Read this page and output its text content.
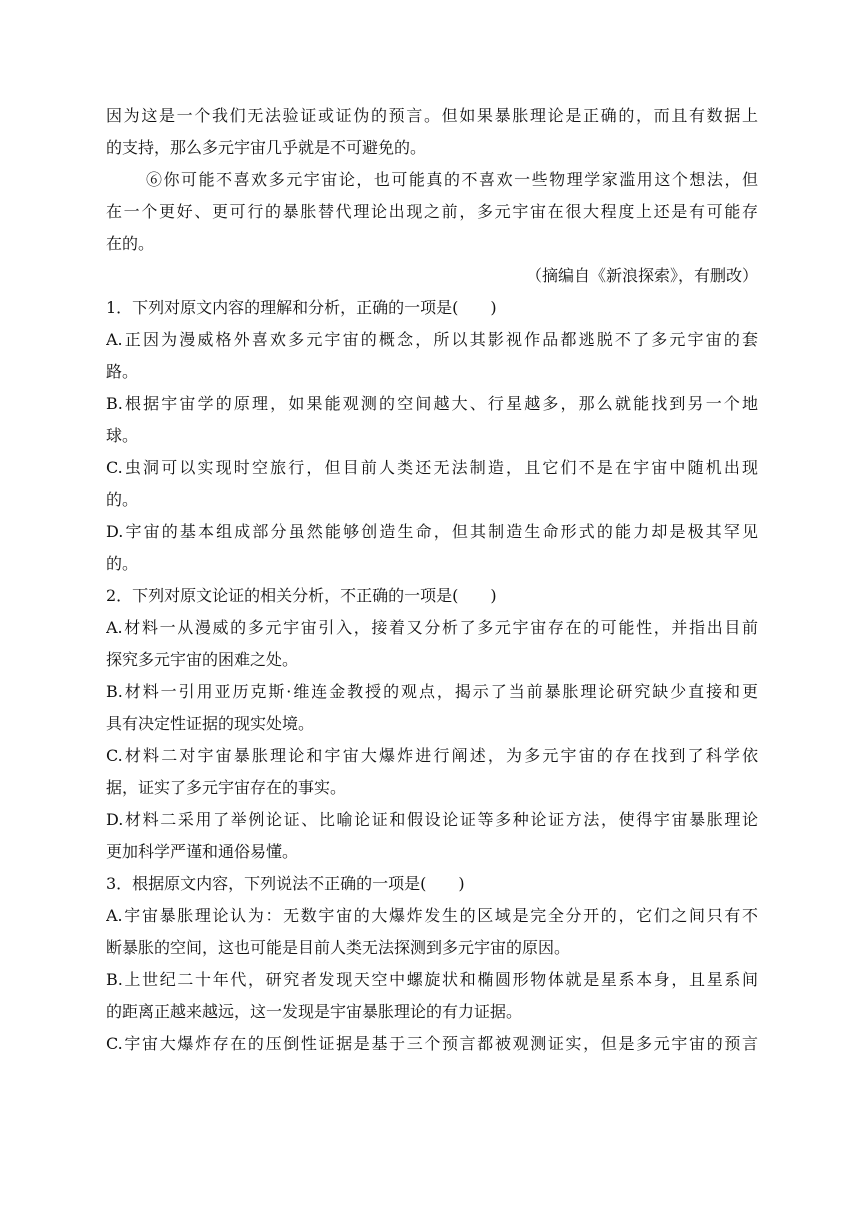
因为这是一个我们无法验证或证伪的预言。但如果暴胀理论是正确的，而且有数据上
的支持，那么多元宇宙几乎就是不可避免的。
⑥你可能不喜欢多元宇宙论，也可能真的不喜欢一些物理学家滥用这个想法，但
在一个更好、更可行的暴胀替代理论出现之前，多元宇宙在很大程度上还是有可能存
在的。
（摘编自《新浪探索》，有删改）
1．下列对原文内容的理解和分析，正确的一项是(　　)
A.正因为漫威格外喜欢多元宇宙的概念，所以其影视作品都逃脱不了多元宇宙的套
路。
B.根据宇宙学的原理，如果能观测的空间越大、行星越多，那么就能找到另一个地
球。
C.虫洞可以实现时空旅行，但目前人类还无法制造，且它们不是在宇宙中随机出现
的。
D.宇宙的基本组成部分虽然能够创造生命，但其制造生命形式的能力却是极其罕见
的。
2．下列对原文论证的相关分析，不正确的一项是(　　)
A.材料一从漫威的多元宇宙引入，接着又分析了多元宇宙存在的可能性，并指出目前
探究多元宇宙的困难之处。
B.材料一引用亚历克斯·维连金教授的观点，揭示了当前暴胀理论研究缺少直接和更
具有决定性证据的现实处境。
C.材料二对宇宙暴胀理论和宇宙大爆炸进行阐述，为多元宇宙的存在找到了科学依
据，证实了多元宇宙存在的事实。
D.材料二采用了举例论证、比喻论证和假设论证等多种论证方法，使得宇宙暴胀理论
更加科学严谨和通俗易懂。
3．根据原文内容，下列说法不正确的一项是(　　)
A.宇宙暴胀理论认为：无数宇宙的大爆炸发生的区域是完全分开的，它们之间只有不
断暴胀的空间，这也可能是目前人类无法探测到多元宇宙的原因。
B.上世纪二十年代，研究者发现天空中螺旋状和椭圆形物体就是星系本身，且星系间
的距离正越来越远，这一发现是宇宙暴胀理论的有力证据。
C.宇宙大爆炸存在的压倒性证据是基于三个预言都被观测证实，但是多元宇宙的预言
